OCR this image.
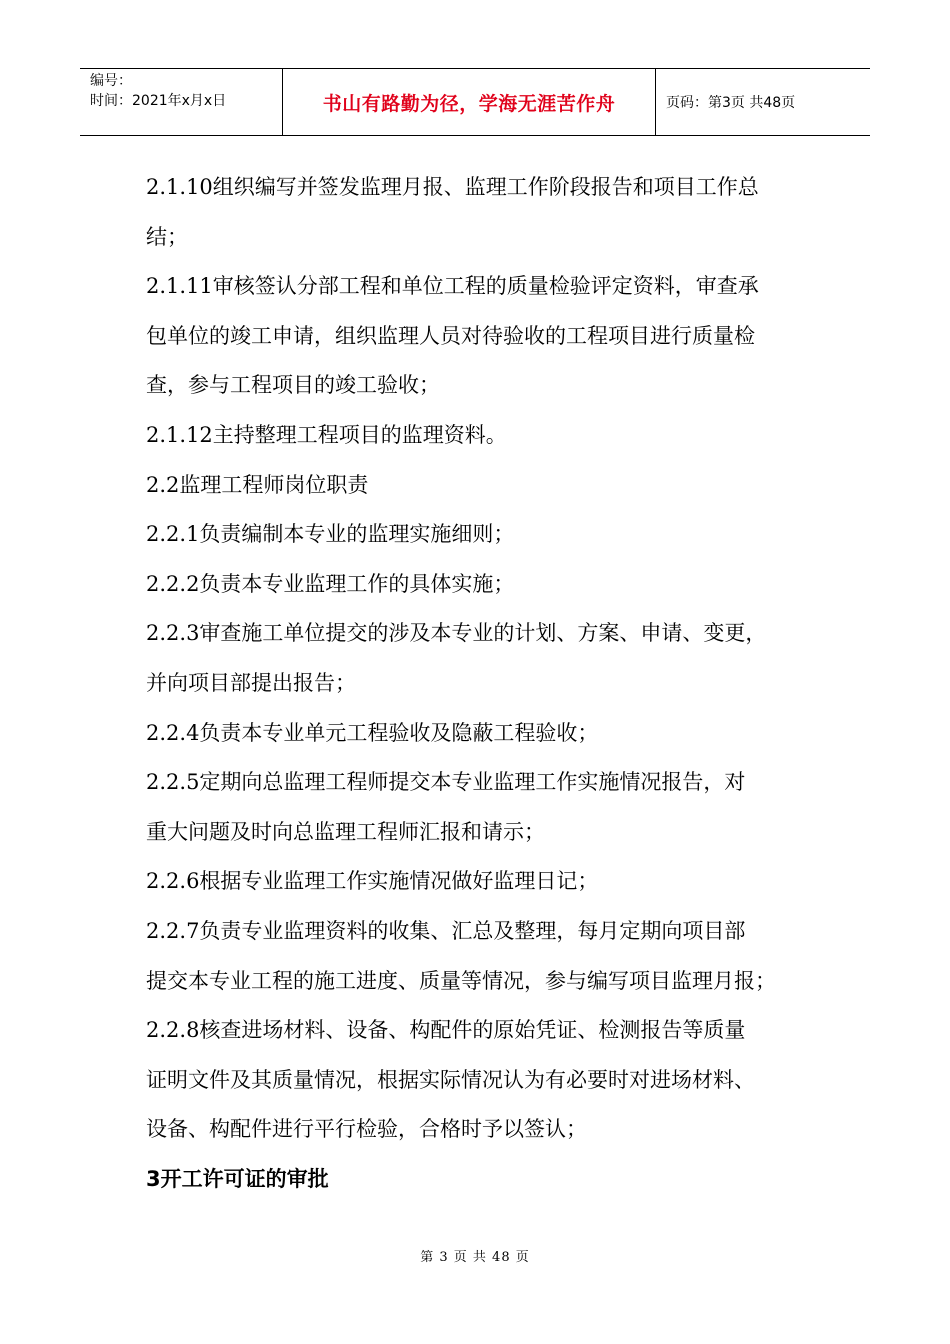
编号：
时间：2021年x月x日	书山有路勤为径，学海无涯苦作舟	页码：第3页 共48页

2.1.10组织编写并签发监理月报、监理工作阶段报告和项目工作总

结；

2.1.11审核签认分部工程和单位工程的质量检验评定资料，审查承

包单位的竣工申请，组织监理人员对待验收的工程项目进行质量检

查，参与工程项目的竣工验收；

2.1.12主持整理工程项目的监理资料。

2.2监理工程师岗位职责

2.2.1负责编制本专业的监理实施细则；

2.2.2负责本专业监理工作的具体实施；

2.2.3审查施工单位提交的涉及本专业的计划、方案、申请、变更，

并向项目部提出报告；

2.2.4负责本专业单元工程验收及隐蔽工程验收；

2.2.5定期向总监理工程师提交本专业监理工作实施情况报告，对

重大问题及时向总监理工程师汇报和请示；

2.2.6根据专业监理工作实施情况做好监理日记；

2.2.7负责专业监理资料的收集、汇总及整理，每月定期向项目部

提交本专业工程的施工进度、质量等情况，参与编写项目监理月报；

2.2.8核查进场材料、设备、构配件的原始凭证、检测报告等质量

证明文件及其质量情况，根据实际情况认为有必要时对进场材料、

设备、构配件进行平行检验，合格时予以签认；

3开工许可证的审批

第 3 页 共 48 页
